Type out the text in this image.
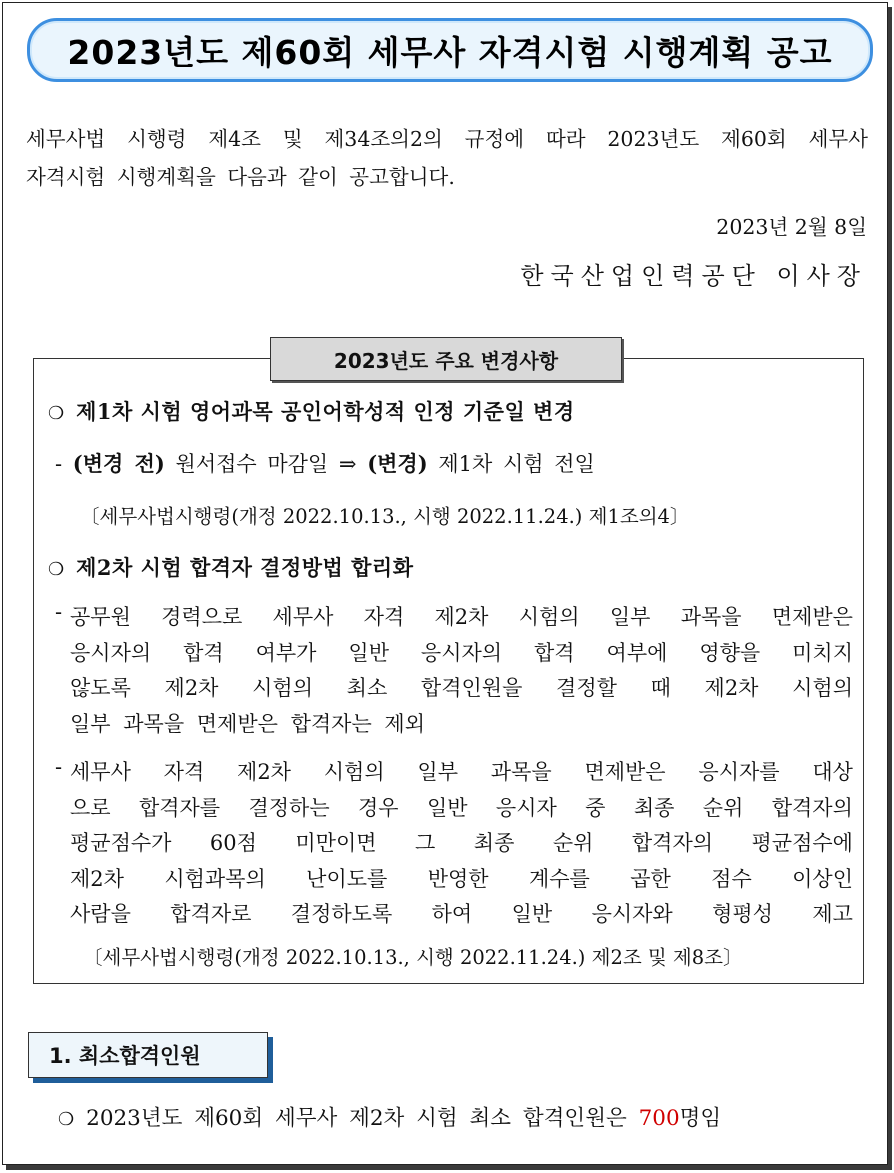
2023년도 제60회 세무사 자격시험 시행계획 공고
세무사법 시행령 제4조 및 제34조의2의 규정에 따라 2023년도 제60회 세무사
자격시험 시행계획을 다음과 같이 공고합니다.
2023년 2월 8일
한국산업인력공단 이사장
2023년도 주요 변경사항
❍ 제1차 시험 영어과목 공인어학성적 인정 기준일 변경
- (변경 전) 원서접수 마감일 ⇒ (변경) 제1차 시험 전일
〔세무사법시행령(개정 2022.10.13., 시행 2022.11.24.) 제1조의4〕
❍ 제2차 시험 합격자 결정방법 합리화
- 공무원 경력으로 세무사 자격 제2차 시험의 일부 과목을 면제받은
응시자의 합격 여부가 일반 응시자의 합격 여부에 영향을 미치지
않도록 제2차 시험의 최소 합격인원을 결정할 때 제2차 시험의
일부 과목을 면제받은 합격자는 제외
- 세무사 자격 제2차 시험의 일부 과목을 면제받은 응시자를 대상
으로 합격자를 결정하는 경우 일반 응시자 중 최종 순위 합격자의
평균점수가 60점 미만이면 그 최종 순위 합격자의 평균점수에
제2차 시험과목의 난이도를 반영한 계수를 곱한 점수 이상인
사람을 합격자로 결정하도록 하여 일반 응시자와 형평성 제고
〔세무사법시행령(개정 2022.10.13., 시행 2022.11.24.) 제2조 및 제8조〕
1. 최소합격인원
❍ 2023년도 제60회 세무사 제2차 시험 최소 합격인원은 700명임
